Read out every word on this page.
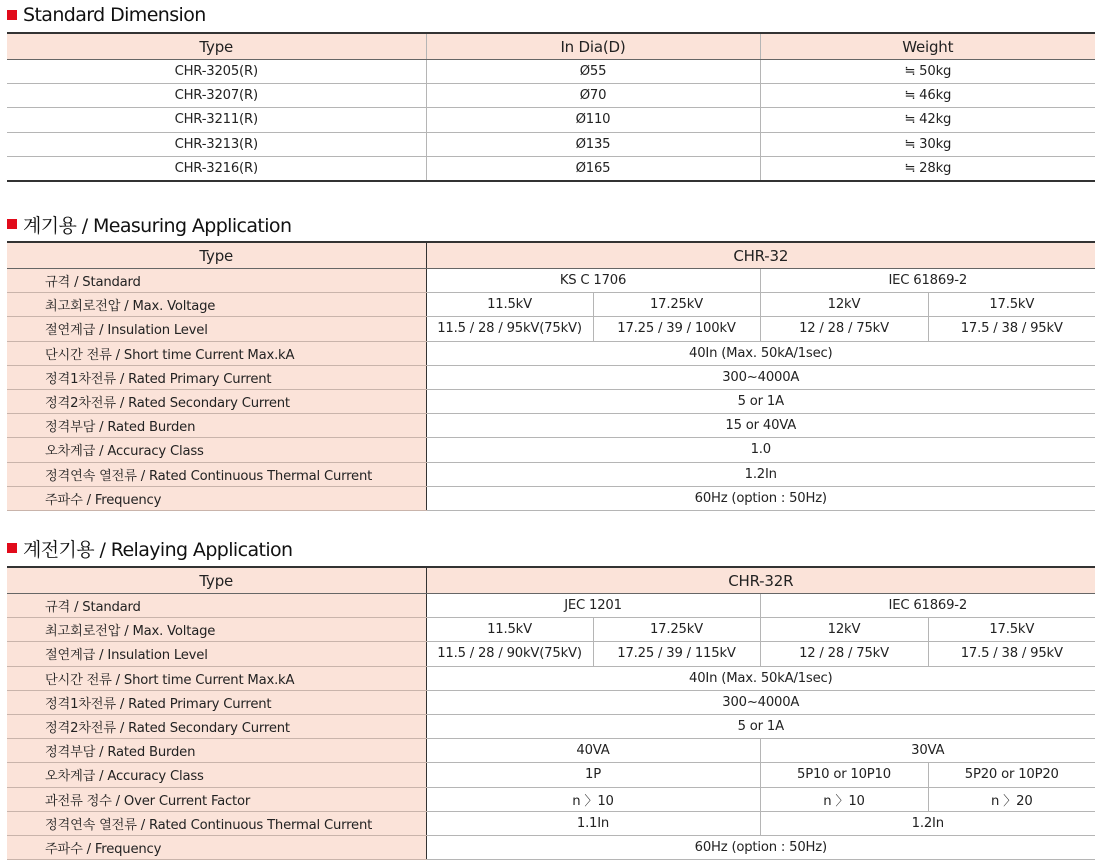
Standard Dimension
Type	In Dia(D)	Weight
CHR-3205(R)	Ø55	≒ 50kg
CHR-3207(R)	Ø70	≒ 46kg
CHR-3211(R)	Ø110	≒ 42kg
CHR-3213(R)	Ø135	≒ 30kg
CHR-3216(R)	Ø165	≒ 28kg
계기용 / Measuring Application
Type	CHR-32			
규격 / Standard	KS C 1706		IEC 61869-2	
최고회로전압 / Max. Voltage	11.5kV	17.25kV	12kV	17.5kV
절연계급 / Insulation Level	11.5 / 28 / 95kV(75kV)	17.25 / 39 / 100kV	12 / 28 / 75kV	17.5 / 38 / 95kV
단시간 전류 / Short time Current Max.kA	40In (Max. 50kA/1sec)			
정격1차전류 / Rated Primary Current	300~4000A			
정격2차전류 / Rated Secondary Current	5 or 1A			
정격부담 / Rated Burden	15 or 40VA			
오차계급 / Accuracy Class	1.0			
정격연속 열전류 / Rated Continuous Thermal Current	1.2In			
주파수 / Frequency	60Hz (option : 50Hz)			
계전기용 / Relaying Application
Type	CHR-32R			
규격 / Standard	JEC 1201		IEC 61869-2	
최고회로전압 / Max. Voltage	11.5kV	17.25kV	12kV	17.5kV
절연계급 / Insulation Level	11.5 / 28 / 90kV(75kV)	17.25 / 39 / 115kV	12 / 28 / 75kV	17.5 / 38 / 95kV
단시간 전류 / Short time Current Max.kA	40In (Max. 50kA/1sec)			
정격1차전류 / Rated Primary Current	300~4000A			
정격2차전류 / Rated Secondary Current	5 or 1A			
정격부담 / Rated Burden	40VA		30VA	
오차계급 / Accuracy Class	1P		5P10 or 10P10	5P20 or 10P20
과전류 정수 / Over Current Factor	n 〉10		n 〉10	n 〉20
정격연속 열전류 / Rated Continuous Thermal Current	1.1In		1.2In	
주파수 / Frequency	60Hz (option : 50Hz)			
